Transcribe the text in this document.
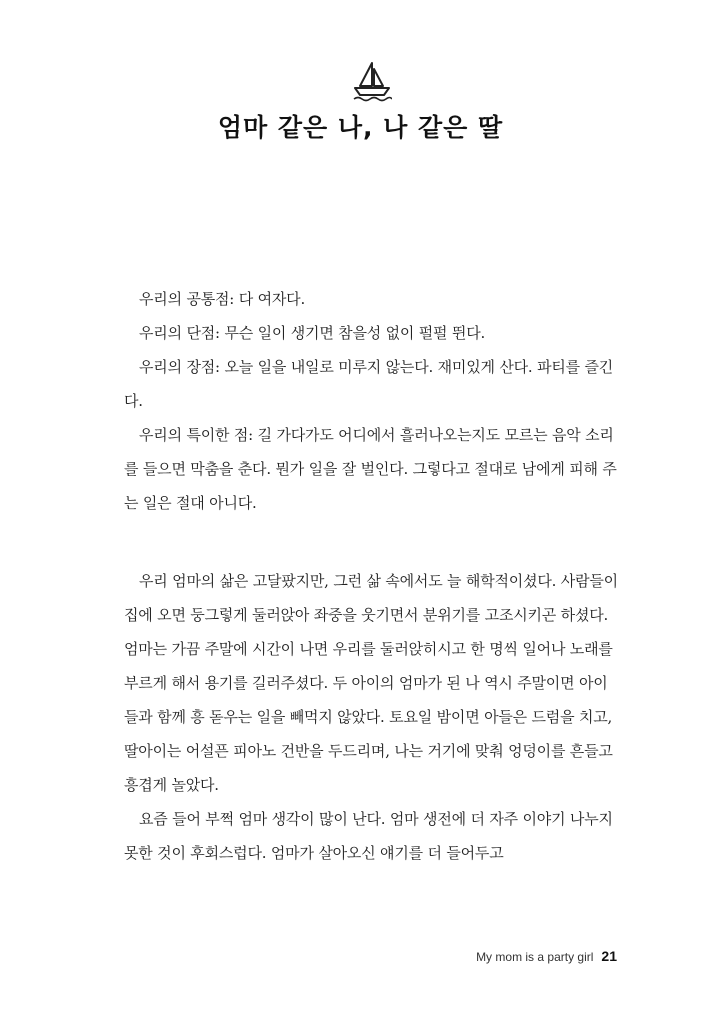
엄마 같은 나, 나 같은 딸

우리의 공통점: 다 여자다.

우리의 단점: 무슨 일이 생기면 참을성 없이 펄펄 뛴다.

우리의 장점: 오늘 일을 내일로 미루지 않는다. 재미있게 산다. 파티를 즐긴다.

우리의 특이한 점: 길 가다가도 어디에서 흘러나오는지도 모르는 음악 소리를 들으면 막춤을 춘다. 뭔가 일을 잘 벌인다. 그렇다고 절대로 남에게 피해 주는 일은 절대 아니다.

우리 엄마의 삶은 고달팠지만, 그런 삶 속에서도 늘 해학적이셨다. 사람들이 집에 오면 둥그렇게 둘러앉아 좌중을 웃기면서 분위기를 고조시키곤 하셨다. 엄마는 가끔 주말에 시간이 나면 우리를 둘러앉히시고 한 명씩 일어나 노래를 부르게 해서 용기를 길러주셨다. 두 아이의 엄마가 된 나 역시 주말이면 아이들과 함께 흥 돋우는 일을 빼먹지 않았다. 토요일 밤이면 아들은 드럼을 치고, 딸아이는 어설픈 피아노 건반을 두드리며, 나는 거기에 맞춰 엉덩이를 흔들고 흥겹게 놀았다.

요즘 들어 부쩍 엄마 생각이 많이 난다. 엄마 생전에 더 자주 이야기 나누지 못한 것이 후회스럽다. 엄마가 살아오신 얘기를 더 들어두고

My mom is a party girl 21
